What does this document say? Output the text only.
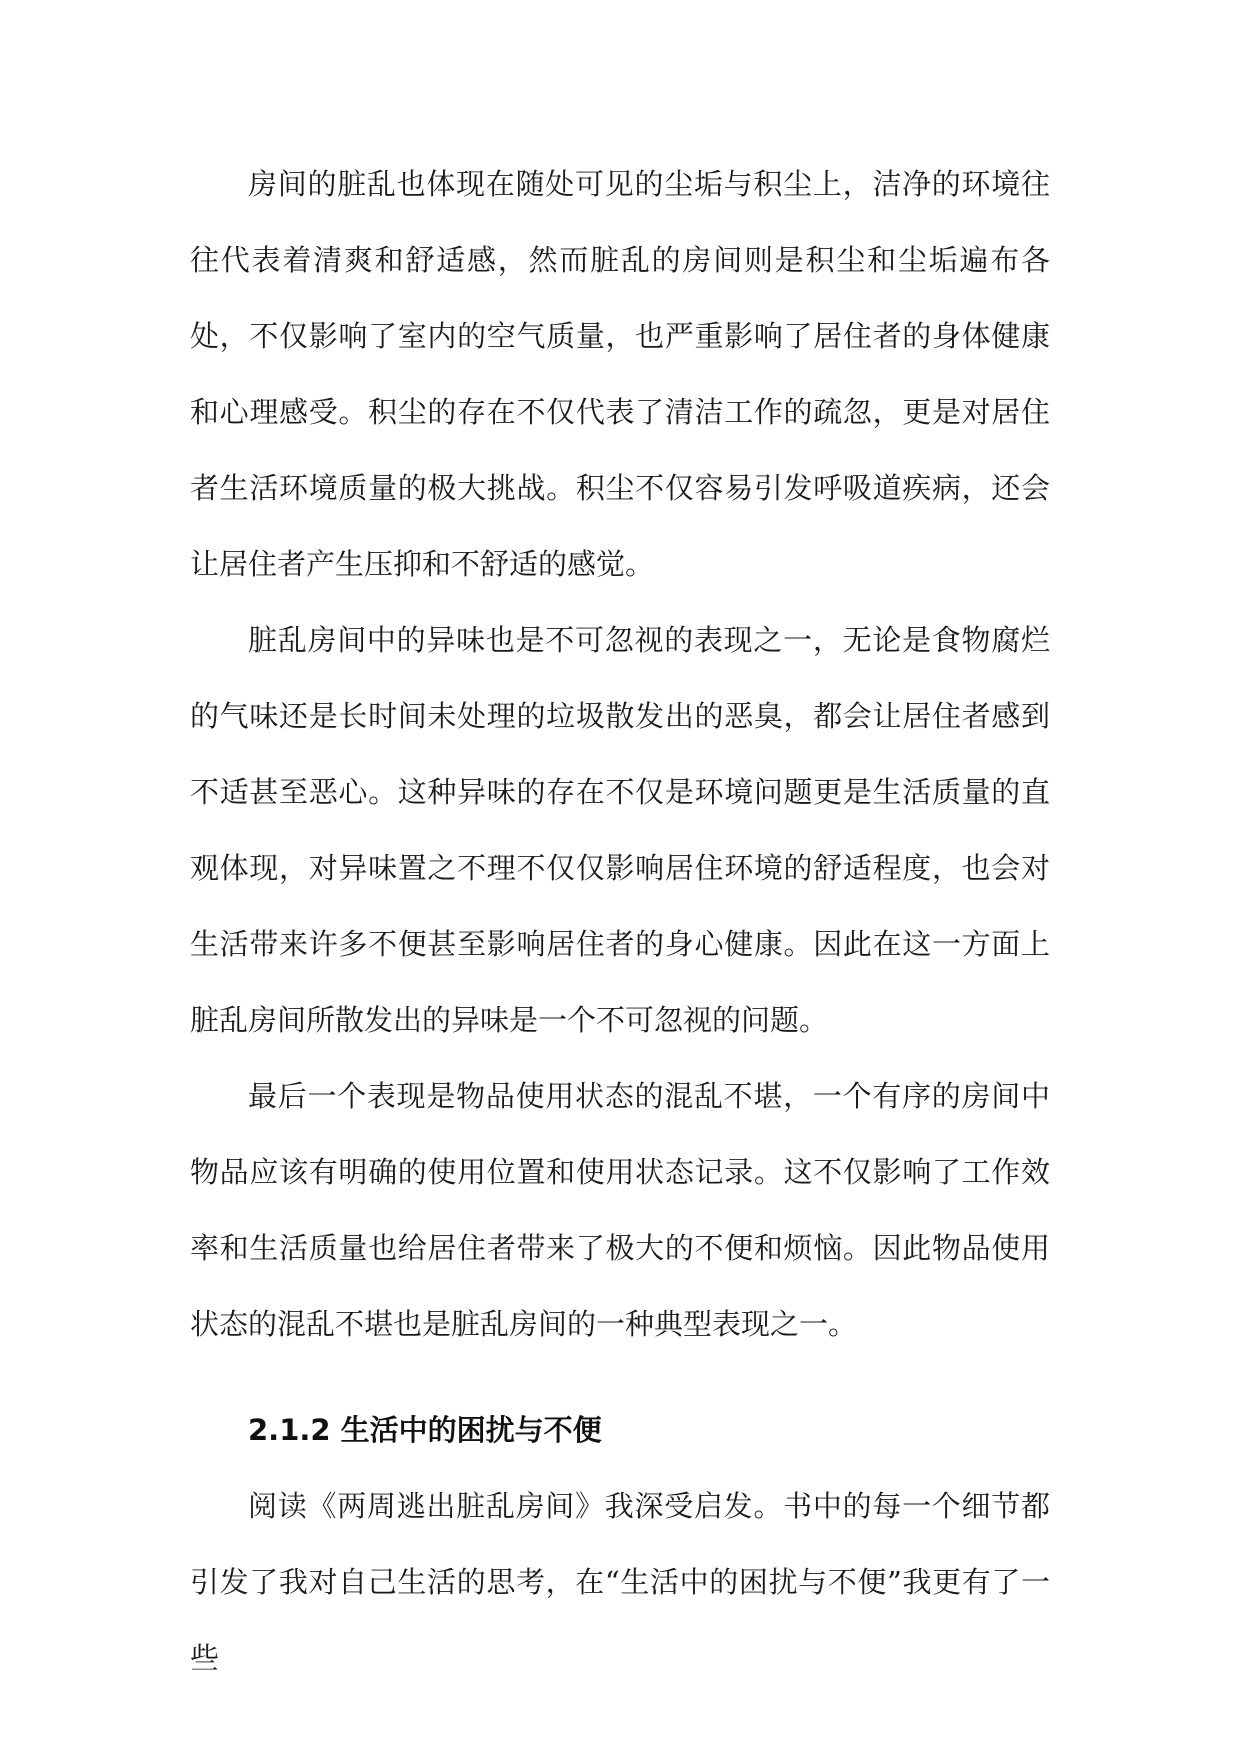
房间的脏乱也体现在随处可见的尘垢与积尘上，洁净的环境往往代表着清爽和舒适感，然而脏乱的房间则是积尘和尘垢遍布各处，不仅影响了室内的空气质量，也严重影响了居住者的身体健康和心理感受。积尘的存在不仅代表了清洁工作的疏忽，更是对居住者生活环境质量的极大挑战。积尘不仅容易引发呼吸道疾病，还会让居住者产生压抑和不舒适的感觉。

脏乱房间中的异味也是不可忽视的表现之一，无论是食物腐烂的气味还是长时间未处理的垃圾散发出的恶臭，都会让居住者感到不适甚至恶心。这种异味的存在不仅是环境问题更是生活质量的直观体现，对异味置之不理不仅仅影响居住环境的舒适程度，也会对生活带来许多不便甚至影响居住者的身心健康。因此在这一方面上脏乱房间所散发出的异味是一个不可忽视的问题。

最后一个表现是物品使用状态的混乱不堪，一个有序的房间中物品应该有明确的使用位置和使用状态记录。这不仅影响了工作效率和生活质量也给居住者带来了极大的不便和烦恼。因此物品使用状态的混乱不堪也是脏乱房间的一种典型表现之一。

2.1.2 生活中的困扰与不便

阅读《两周逃出脏乱房间》我深受启发。书中的每一个细节都引发了我对自己生活的思考，在“生活中的困扰与不便”我更有了一些
